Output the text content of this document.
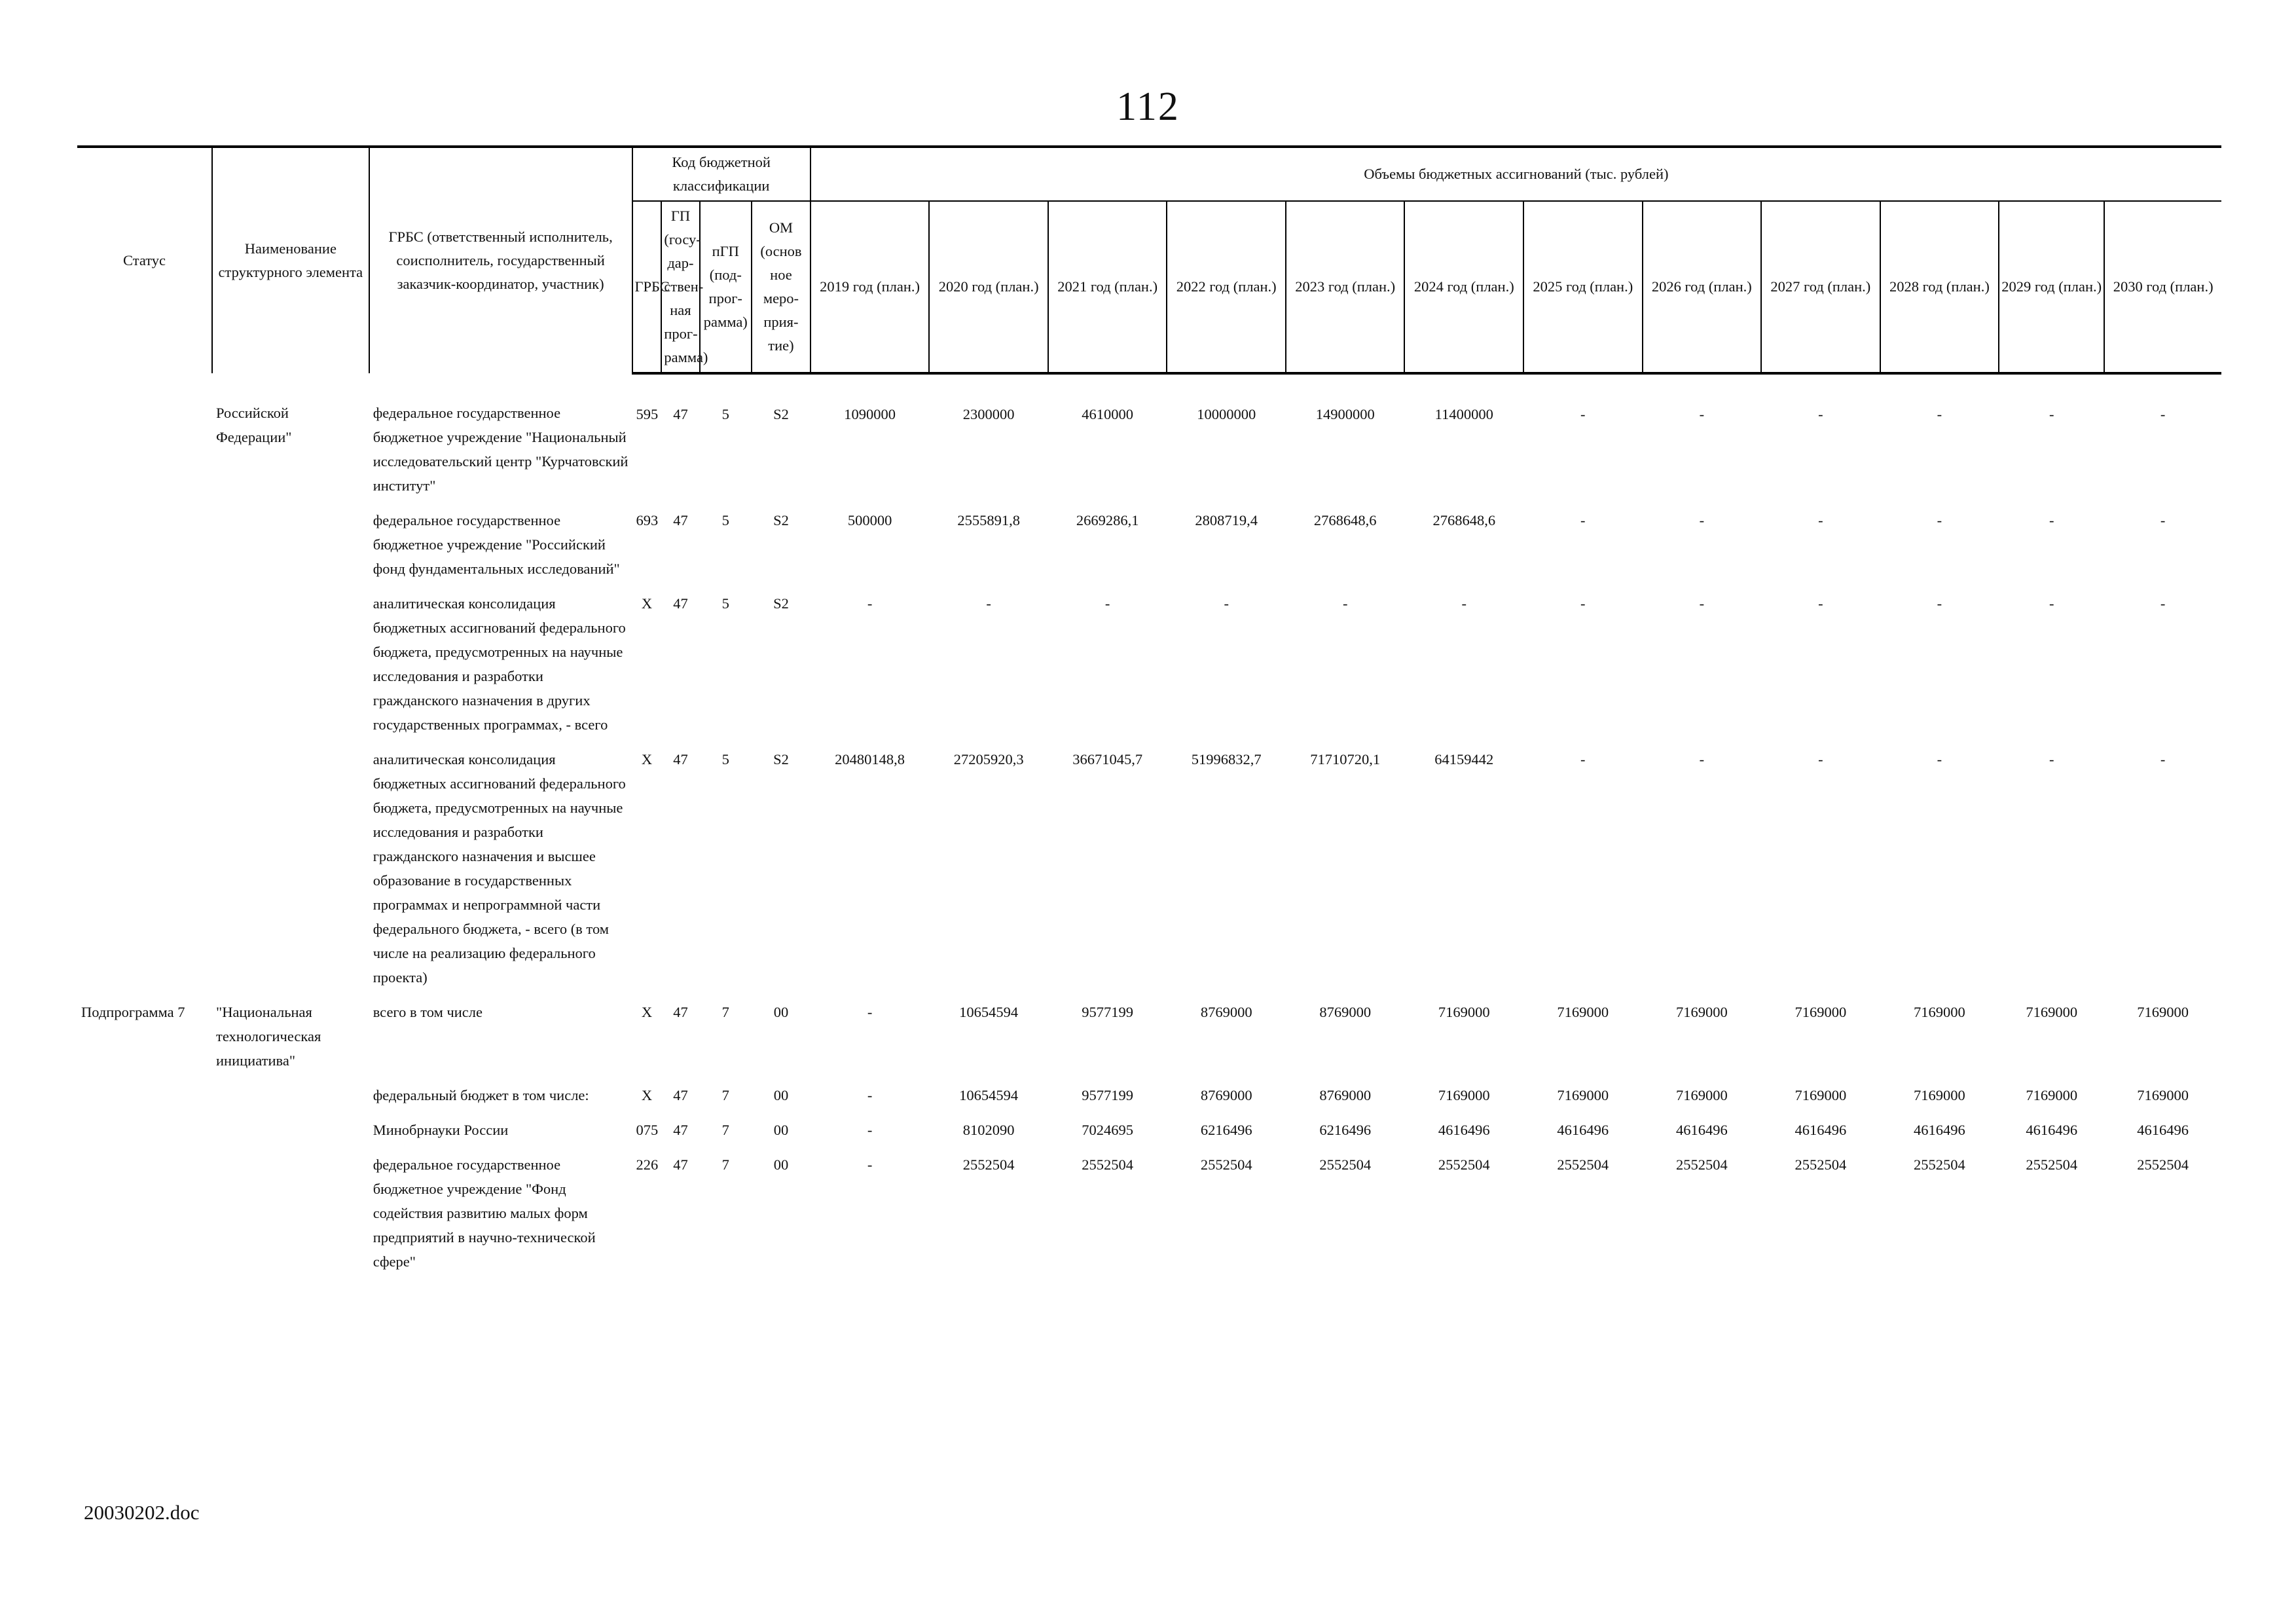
112
Статус	Наименование структурного элемента	ГРБС (ответственный исполнитель, соисполнитель, государственный заказчик-координатор, участник)	Код бюджетной классификации				Объемы бюджетных ассигнований (тыс. рублей)											
			ГРБС	ГП (госу-дар-ствен-ная прог-рамма)	пГП (под-прог-рамма)	ОМ (основ ное меро-прия-тие)	2019 год (план.)	2020 год (план.)	2021 год (план.)	2022 год (план.)	2023 год (план.)	2024 год (план.)	2025 год (план.)	2026 год (план.)	2027 год (план.)	2028 год (план.)	2029 год (план.)	2030 год (план.)
	Российской Федерации"	федеральное государственное бюджетное учреждение "Национальный исследовательский центр "Курчатовский институт"	595	47	5	S2	1090000	2300000	4610000	10000000	14900000	11400000	-	-	-	-	-	-
		федеральное государственное бюджетное учреждение "Российский фонд фундаментальных исследований"	693	47	5	S2	500000	2555891,8	2669286,1	2808719,4	2768648,6	2768648,6	-	-	-	-	-	-
		аналитическая консолидация бюджетных ассигнований федерального бюджета, предусмотренных на научные исследования и разработки гражданского назначения в других государственных программах, - всего	X	47	5	S2	-	-	-	-	-	-	-	-	-	-	-	-
		аналитическая консолидация бюджетных ассигнований федерального бюджета, предусмотренных на научные исследования и разработки гражданского назначения и высшее образование в государственных программах и непрограммной части федерального бюджета, - всего (в том числе на реализацию федерального проекта)	X	47	5	S2	20480148,8	27205920,3	36671045,7	51996832,7	71710720,1	64159442	-	-	-	-	-	-
Подпрограмма 7	"Национальная технологическая инициатива"	всего в том числе	X	47	7	00	-	10654594	9577199	8769000	8769000	7169000	7169000	7169000	7169000	7169000	7169000	7169000
		федеральный бюджет в том числе:	X	47	7	00	-	10654594	9577199	8769000	8769000	7169000	7169000	7169000	7169000	7169000	7169000	7169000
		Минобрнауки России	075	47	7	00	-	8102090	7024695	6216496	6216496	4616496	4616496	4616496	4616496	4616496	4616496	4616496
		федеральное государственное бюджетное учреждение "Фонд содействия развитию малых форм предприятий в научно-технической сфере"	226	47	7	00	-	2552504	2552504	2552504	2552504	2552504	2552504	2552504	2552504	2552504	2552504	2552504
20030202.doc
